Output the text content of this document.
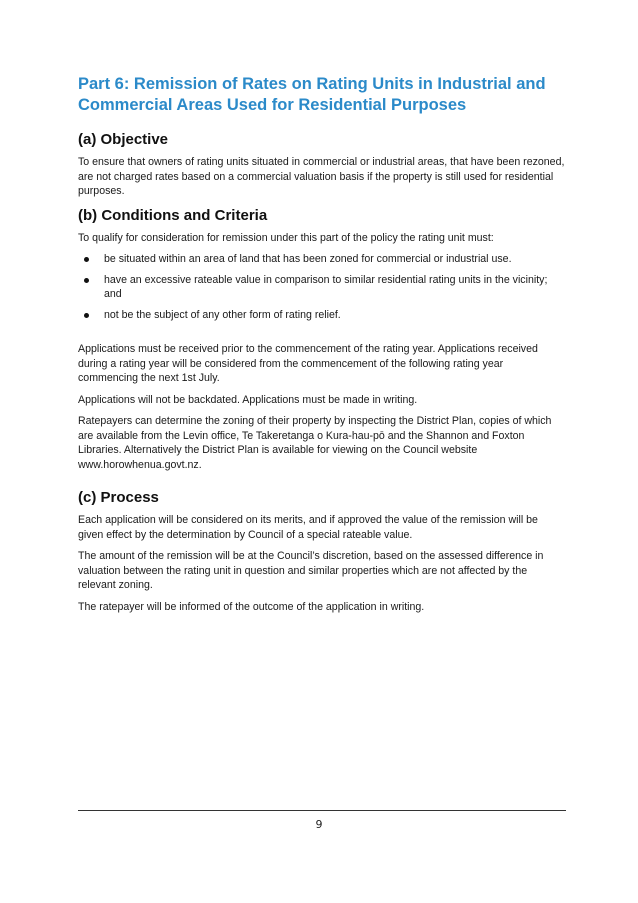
Part 6: Remission of Rates on Rating Units in Industrial and Commercial Areas Used for Residential Purposes
(a) Objective

To ensure that owners of rating units situated in commercial or industrial areas, that have been rezoned, are not charged rates based on a commercial valuation basis if the property is still used for residential purposes.

(b) Conditions and Criteria

To qualify for consideration for remission under this part of the policy the rating unit must:

be situated within an area of land that has been zoned for commercial or industrial use.
have an excessive rateable value in comparison to similar residential rating units in the vicinity; and
not be the subject of any other form of rating relief.

Applications must be received prior to the commencement of the rating year. Applications received during a rating year will be considered from the commencement of the following rating year commencing the next 1st July.

Applications will not be backdated. Applications must be made in writing.

Ratepayers can determine the zoning of their property by inspecting the District Plan, copies of which are available from the Levin office, Te Takeretanga o Kura-hau-pō and the Shannon and Foxton Libraries. Alternatively the District Plan is available for viewing on the Council website www.horowhenua.govt.nz.

(c) Process

Each application will be considered on its merits, and if approved the value of the remission will be given effect by the determination by Council of a special rateable value.

The amount of the remission will be at the Council’s discretion, based on the assessed difference in valuation between the rating unit in question and similar properties which are not affected by the relevant zoning.

The ratepayer will be informed of the outcome of the application in writing.

9
